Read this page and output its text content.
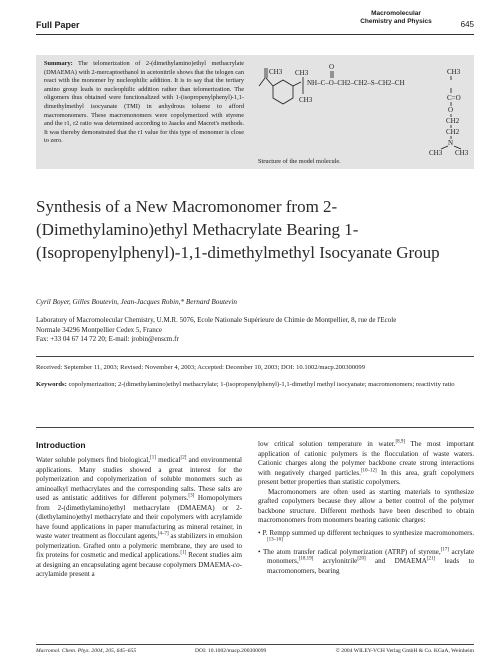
Full Paper
Macromolecular
Chemistry and Physics	645
Summary: The telomerization of 2-(dimethylamino)ethyl methacrylate (DMAEMA) with 2-mercaptoethanol in acetonitrile shows that the telogen can react with the monomer by nucleophilic addition. It is to say that the tertiary amino group leads to nucleophilic addition rather than telomerization. The oligomers thus obtained were functionalized with 1-(isopropenylphenyl)-1,1-dimethylmethyl isocyanate (TMI) in anhydrous toluene to afford macromonomers. These macromonomers were copolymerized with styrene and the r1, r2 ratio was determined according to Jaacks and Macret's methods. It was thereby demonstrated that the r1 value for this type of monomer is close to zero.
CH3 CH3
CH3
NH–C–O–CH2–CH2–S–CH2–CH
O
CH3
C=O
O
CH2
CH2
N
CH3 CH3
Structure of the model molecule.
Synthesis of a New Macromonomer from 2-(Dimethylamino)ethyl Methacrylate Bearing 1-(Isopropenylphenyl)-1,1-dimethylmethyl Isocyanate Group
Cyril Boyer, Gilles Boutevin, Jean-Jacques Robin,* Bernard Boutevin
Laboratory of Macromolecular Chemistry, U.M.R. 5076, Ecole Nationale Supérieure de Chimie de Montpellier, 8, rue de l'Ecole
Normale 34296 Montpellier Cedex 5, France
Fax: +33 04 67 14 72 20; E-mail: jrobin@enscm.fr
Received: September 11, 2003; Revised: November 4, 2003; Accepted: December 10, 2003; DOI: 10.1002/macp.200300099
Keywords: copolymerization; 2-(dimethylamino)ethyl methacrylate; 1-(isopropenylphenyl)-1,1-dimethyl methyl isocyanate; macromonomers; reactivity ratio
Introduction
Water soluble polymers find biological,[1] medical[2] and environmental applications. Many studies showed a great interest for the polymerization and copolymerization of soluble monomers such as aminoalkyl methacrylates and the corresponding salts. These salts are used as antistatic additives for different polymers.[3] Homopolymers from 2-(dimethylamino)ethyl methacrylate (DMAEMA) or 2-(diethylamino)ethyl methacrylate and their copolymers with acrylamide have found applications in paper manufacturing as mineral retainer, in waste water treatment as flocculant agents,[4–7] as stabilizers in emulsion polymerization. Grafted onto a polymeric membrane, they are used to fix proteins for cosmetic and medical applications.[1] Recent studies aim at designing an encapsulating agent because copolymers DMAEMA-co-acrylamide present a
low critical solution temperature in water.[8,9] The most important application of cationic polymers is the flocculation of waste waters. Cationic charges along the polymer backbone create strong interactions with negatively charged particles.[10–12] In this area, graft copolymers present better properties than statistic copolymers.
Macromonomers are often used as starting materials to synthesize grafted copolymers because they allow a better control of the polymer backbone structure. Different methods have been described to obtain macromonomers from monomers bearing cationic charges:
• P. Rempp summed up different techniques to synthesize macromonomers.[13–16]
• The atom transfer radical polymerization (ATRP) of styrene,[17] acrylate monomers,[18,19] acrylonitrile[20] and DMAEMA[21] leads to macromonomers, bearing
Macromol. Chem. Phys. 2004, 205, 645–655	DOI: 10.1002/macp.200300099	© 2004 WILEY-VCH Verlag GmbH & Co. KGaA, Weinheim
